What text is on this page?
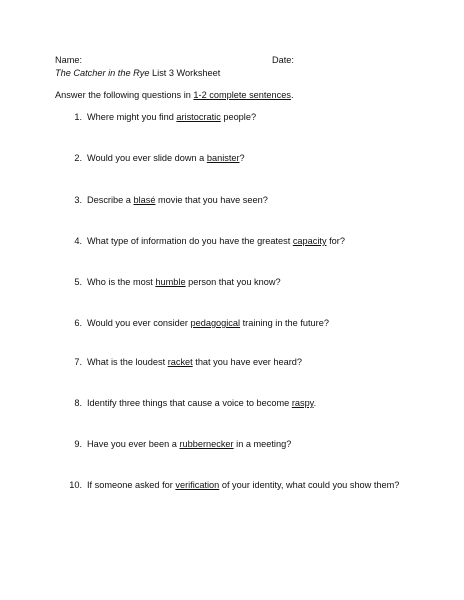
Name:	Date:
The Catcher in the Rye List 3 Worksheet
Answer the following questions in 1-2 complete sentences.
1. Where might you find aristocratic people?
2. Would you ever slide down a banister?
3. Describe a blasé movie that you have seen?
4. What type of information do you have the greatest capacity for?
5. Who is the most humble person that you know?
6. Would you ever consider pedagogical training in the future?
7. What is the loudest racket that you have ever heard?
8. Identify three things that cause a voice to become raspy.
9. Have you ever been a rubbernecker in a meeting?
10. If someone asked for verification of your identity, what could you show them?
